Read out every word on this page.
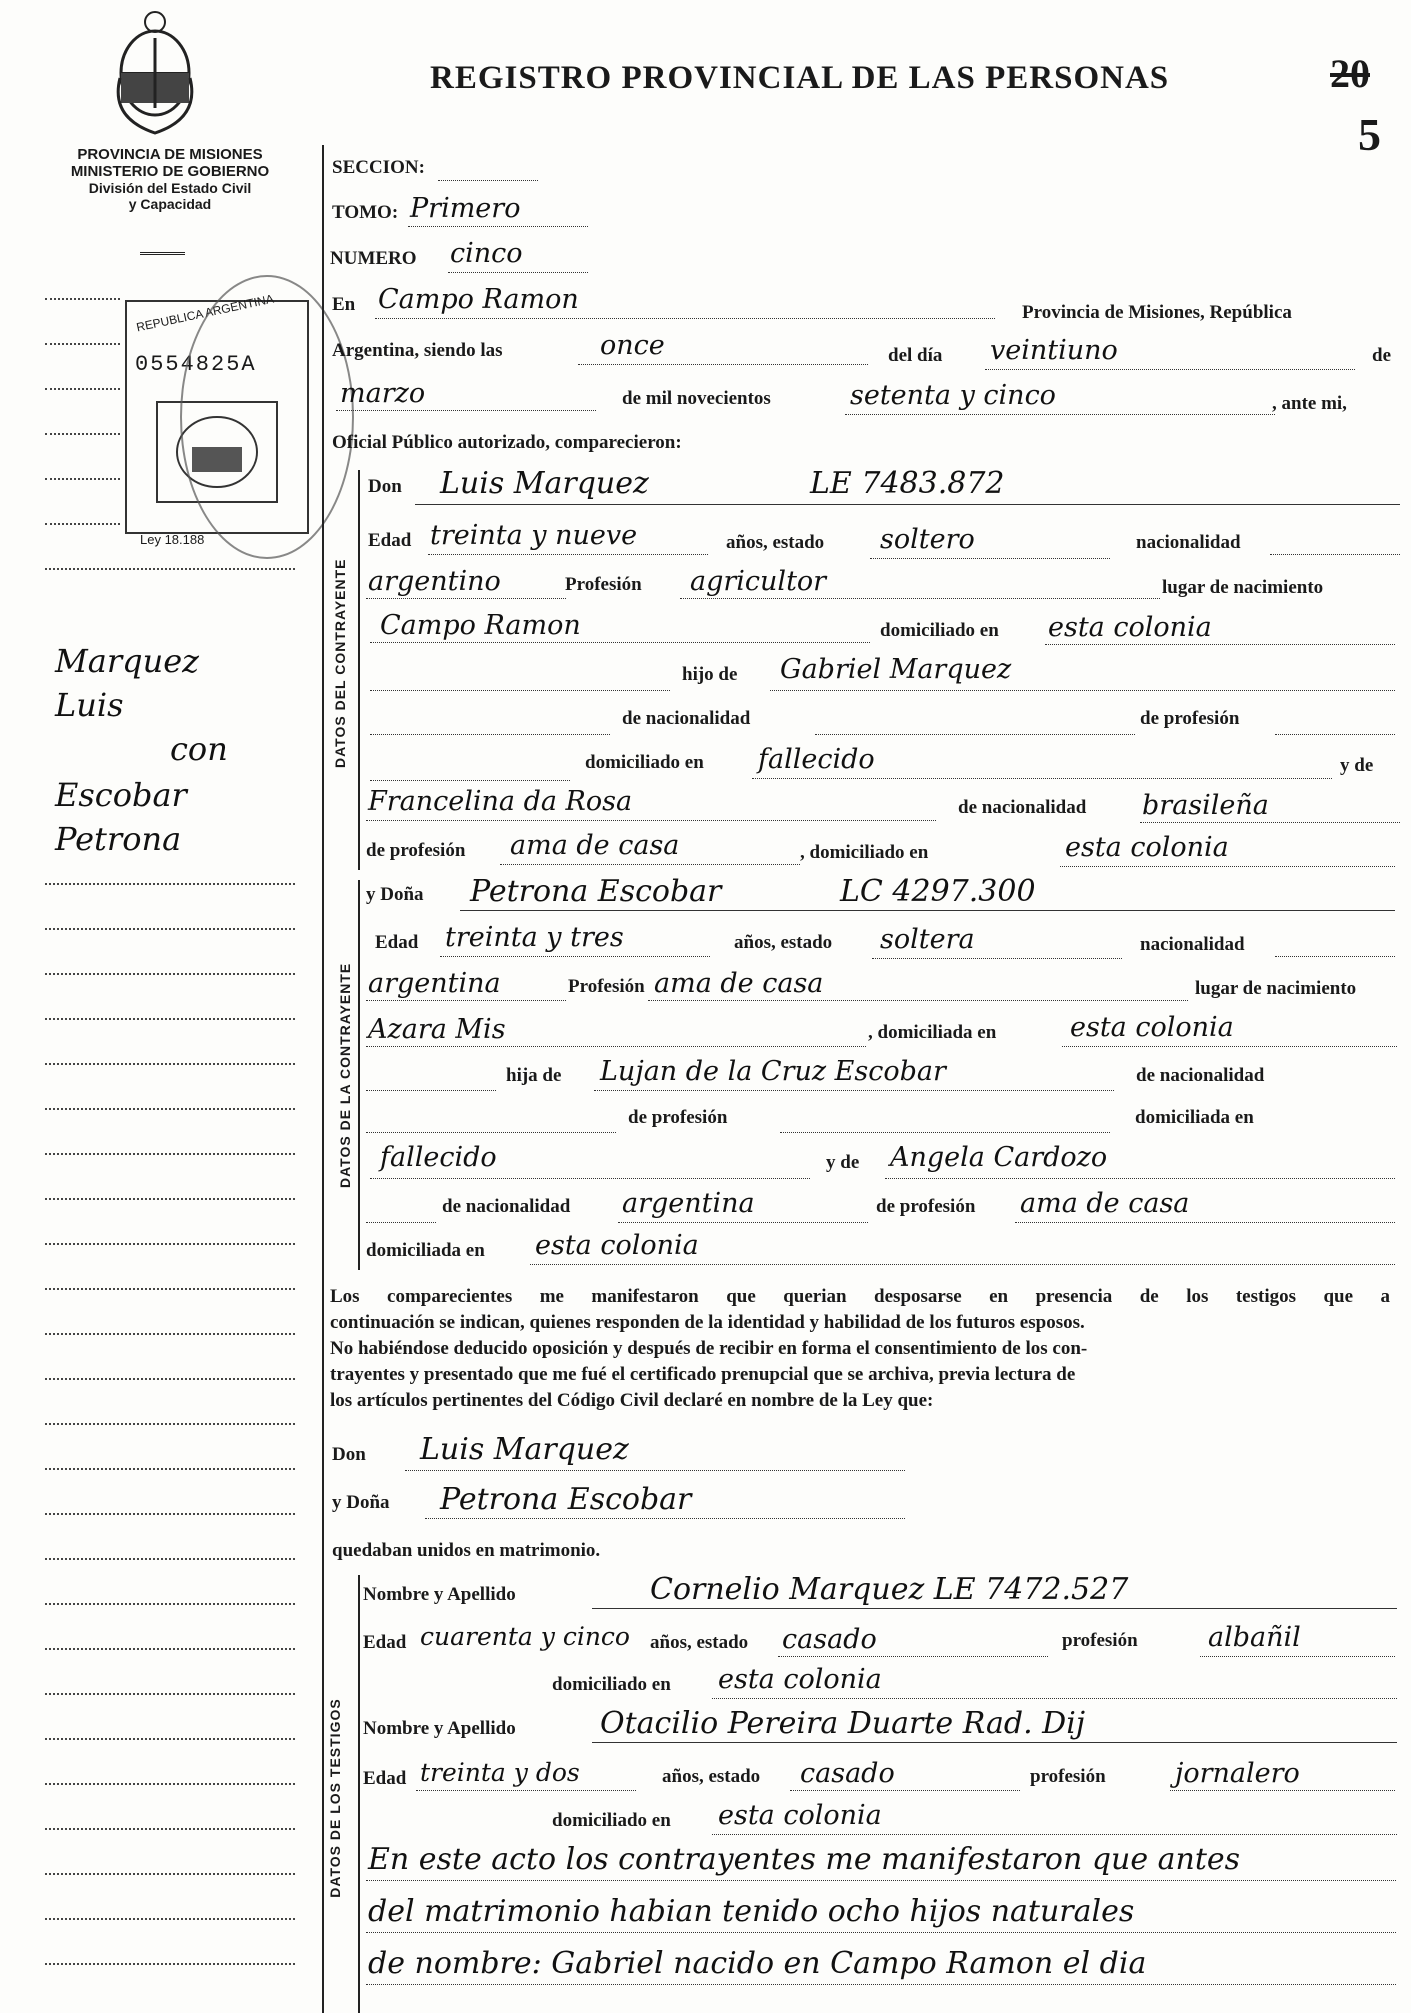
PROVINCIA DE MISIONES
MINISTERIO DE GOBIERNO
División del Estado Civil
y Capacidad
REGISTRO PROVINCIAL DE LAS PERSONAS	20
5
REPUBLICA ARGENTINA
0554825A
Ley 18.188
Marquez
Luis
con
Escobar
Petrona
DATOS DEL CONTRAYENTE
DATOS DE LA CONTRAYENTE
DATOS DE LOS TESTIGOS
SECCION:
TOMO: Primero
NUMERO cinco
En Campo Ramon	Provincia de Misiones, República
Argentina, siendo las	once	del día veintiuno	de
marzo	de mil novecientos	setenta y cinco	, ante mi,
Oficial Público autorizado, comparecieron:
Don Luis Marquez	LE 7483.872
Edad treinta y nueve	años, estado soltero	nacionalidad
argentino	Profesión agricultor	lugar de nacimiento
Campo Ramon	domiciliado en esta colonia
hijo de Gabriel Marquez
de nacionalidad	de profesión
domiciliado en fallecido	y de
Francelina da Rosa	de nacionalidad brasileña
de profesión ama de casa	, domiciliado en	esta colonia
y Doña Petrona Escobar	LC 4297.300
Edad treinta y tres	años, estado soltera	nacionalidad
argentina	Profesión ama de casa	lugar de nacimiento
Azara Mis	, domiciliada en	esta colonia
hija de Lujan de la Cruz Escobar	de nacionalidad
de profesión	domiciliada en
fallecido	y de Angela Cardozo
de nacionalidad argentina	de profesión ama de casa
domiciliada en esta colonia
Los comparecientes me manifestaron que querian desposarse en presencia de los testigos que a
continuación se indican, quienes responden de la identidad y habilidad de los futuros esposos.
No habiéndose deducido oposición y después de recibir en forma el consentimiento de los con-
trayentes y presentado que me fué el certificado prenupcial que se archiva, previa lectura de
los artículos pertinentes del Código Civil declaré en nombre de la Ley que:
Don Luis Marquez
y Doña Petrona Escobar
quedaban unidos en matrimonio.
Nombre y Apellido	Cornelio Marquez LE 7472.527
Edad cuarenta y cinco años, estado casado	profesión	albañil
domiciliado en esta colonia
Nombre y Apellido	Otacilio Pereira Duarte Rad. Dij
Edad treinta y dos	años, estado casado	profesión	jornalero
domiciliado en esta colonia
En este acto los contrayentes me manifestaron que antes
del matrimonio habian tenido ocho hijos naturales
de nombre: Gabriel nacido en Campo Ramon el dia
